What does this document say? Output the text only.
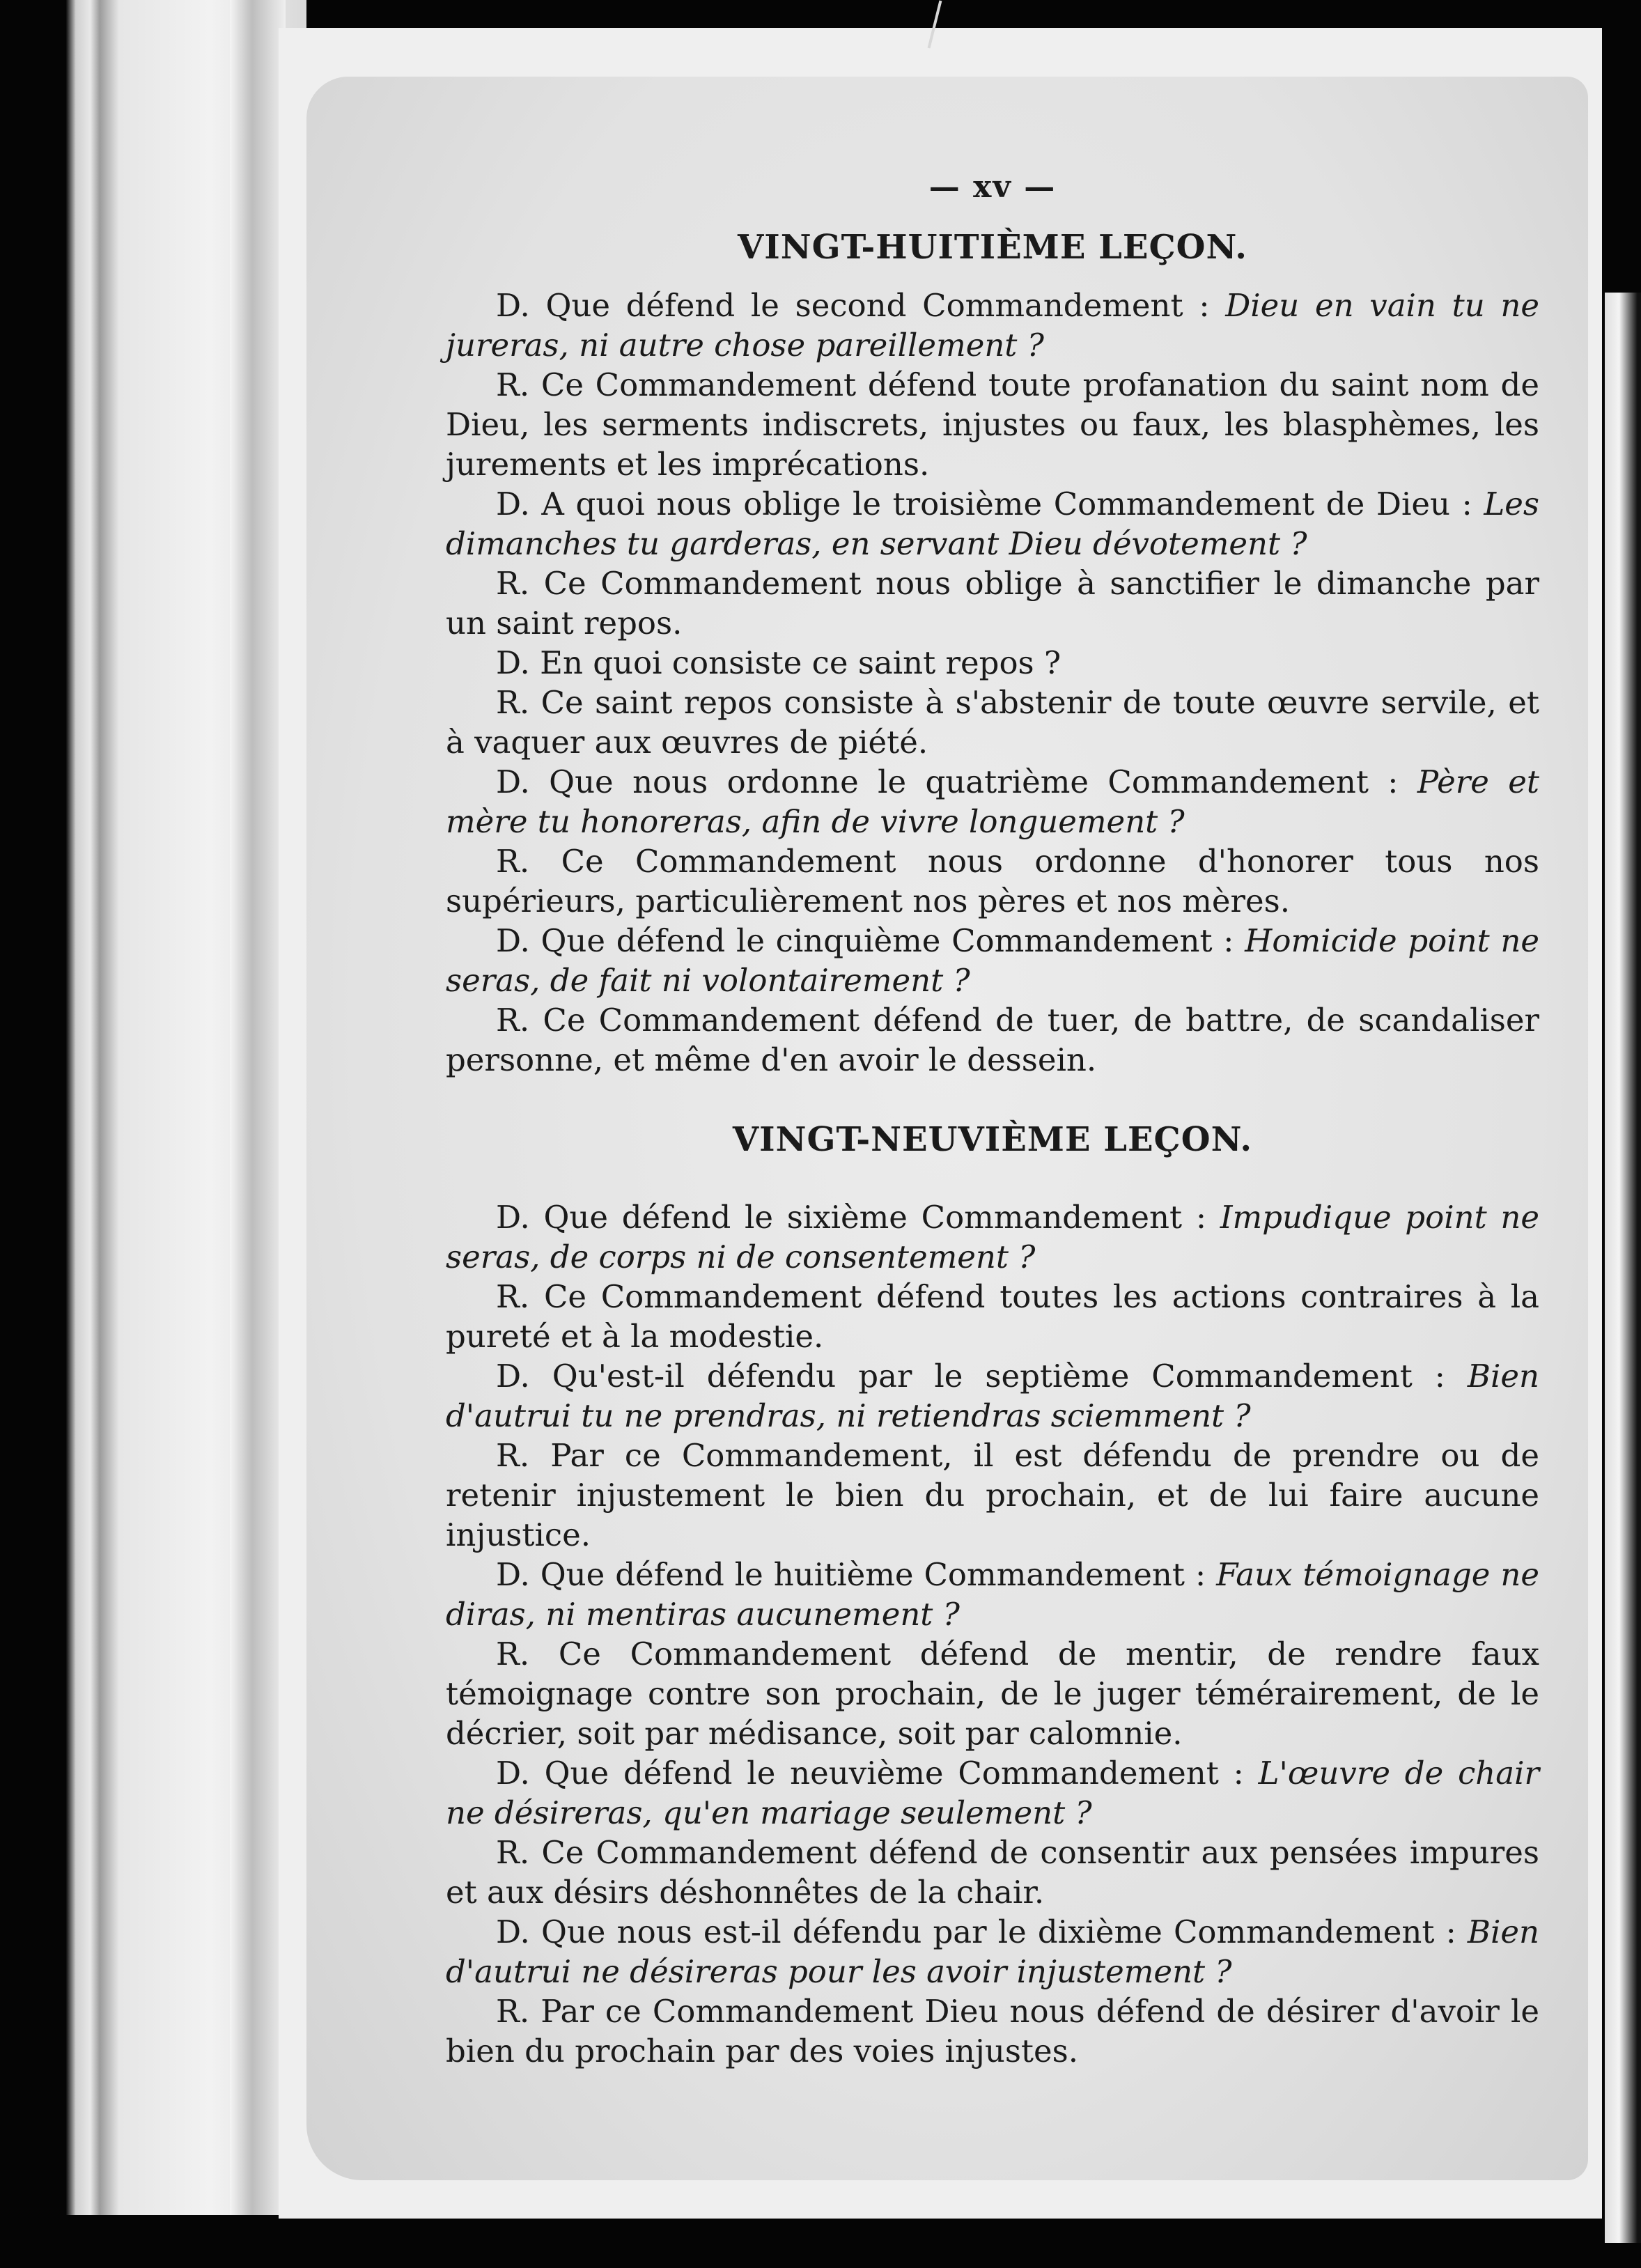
— xv —
VINGT-HUITIÈME LEÇON.

D. Que défend le second Commandement : Dieu en vain tu ne jureras, ni autre chose pareillement ?

R. Ce Commandement défend toute profanation du saint nom de Dieu, les serments indiscrets, injustes ou faux, les blasphèmes, les jurements et les imprécations.

D. A quoi nous oblige le troisième Commandement de Dieu : Les dimanches tu garderas, en servant Dieu dévotement ?

R. Ce Commandement nous oblige à sanctifier le dimanche par un saint repos.

D. En quoi consiste ce saint repos ?

R. Ce saint repos consiste à s'abstenir de toute œuvre servile, et à vaquer aux œuvres de piété.

D. Que nous ordonne le quatrième Commandement : Père et mère tu honoreras, afin de vivre longuement ?

R. Ce Commandement nous ordonne d'honorer tous nos supérieurs, particulièrement nos pères et nos mères.

D. Que défend le cinquième Commandement : Homicide point ne seras, de fait ni volontairement ?

R. Ce Commandement défend de tuer, de battre, de scandaliser personne, et même d'en avoir le dessein.

VINGT-NEUVIÈME LEÇON.

D. Que défend le sixième Commandement : Impudique point ne seras, de corps ni de consentement ?

R. Ce Commandement défend toutes les actions contraires à la pureté et à la modestie.

D. Qu'est-il défendu par le septième Commandement : Bien d'autrui tu ne prendras, ni retiendras sciemment ?

R. Par ce Commandement, il est défendu de prendre ou de retenir injustement le bien du prochain, et de lui faire aucune injustice.

D. Que défend le huitième Commandement : Faux témoignage ne diras, ni mentiras aucunement ?

R. Ce Commandement défend de mentir, de rendre faux témoignage contre son prochain, de le juger témérairement, de le décrier, soit par médisance, soit par calomnie.

D. Que défend le neuvième Commandement : L'œuvre de chair ne désireras, qu'en mariage seulement ?

R. Ce Commandement défend de consentir aux pensées impures et aux désirs déshonnêtes de la chair.

D. Que nous est-il défendu par le dixième Commandement : Bien d'autrui ne désireras pour les avoir injustement ?

R. Par ce Commandement Dieu nous défend de désirer d'avoir le bien du prochain par des voies injustes.
